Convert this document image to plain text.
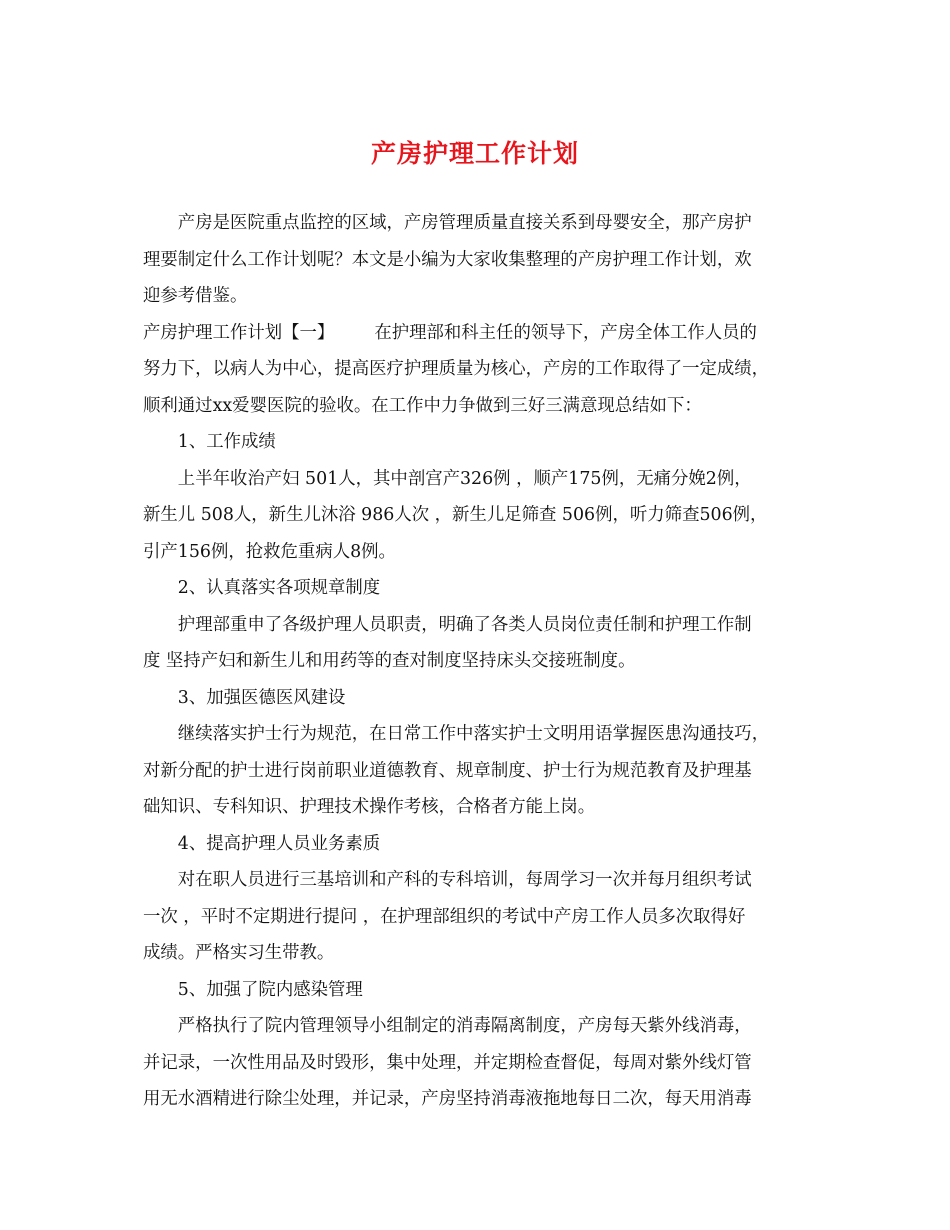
产房护理工作计划

产房是医院重点监控的区域，产房管理质量直接关系到母婴安全，那产房护
理要制定什么工作计划呢？本文是小编为大家收集整理的产房护理工作计划，欢
迎参考借鉴。

产房护理工作计划【一】 在护理部和科主任的领导下，产房全体工作人员的
努力下，以病人为中心，提高医疗护理质量为核心，产房的工作取得了一定成绩，
顺利通过xx爱婴医院的验收。在工作中力争做到三好三满意现总结如下：

1、工作成绩
上半年收治产妇 501人，其中剖宫产326例 ，顺产175例，无痛分娩2例，
新生儿 508人，新生儿沐浴 986人次 ，新生儿足筛查 506例，听力筛查506例，
引产156例，抢救危重病人8例。

2、认真落实各项规章制度
护理部重申了各级护理人员职责，明确了各类人员岗位责任制和护理工作制
度 坚持产妇和新生儿和用药等的查对制度坚持床头交接班制度。

3、加强医德医风建设
继续落实护士行为规范，在日常工作中落实护士文明用语掌握医患沟通技巧，
对新分配的护士进行岗前职业道德教育、规章制度、护士行为规范教育及护理基
础知识、专科知识、护理技术操作考核，合格者方能上岗。

4、提高护理人员业务素质
对在职人员进行三基培训和产科的专科培训，每周学习一次并每月组织考试
一次 ，平时不定期进行提问 ，在护理部组织的考试中产房工作人员多次取得好
成绩。严格实习生带教。

5、加强了院内感染管理
严格执行了院内管理领导小组制定的消毒隔离制度，产房每天紫外线消毒，
并记录，一次性用品及时毁形，集中处理，并定期检查督促，每周对紫外线灯管
用无水酒精进行除尘处理，并记录，产房坚持消毒液拖地每日二次，每天用消毒
